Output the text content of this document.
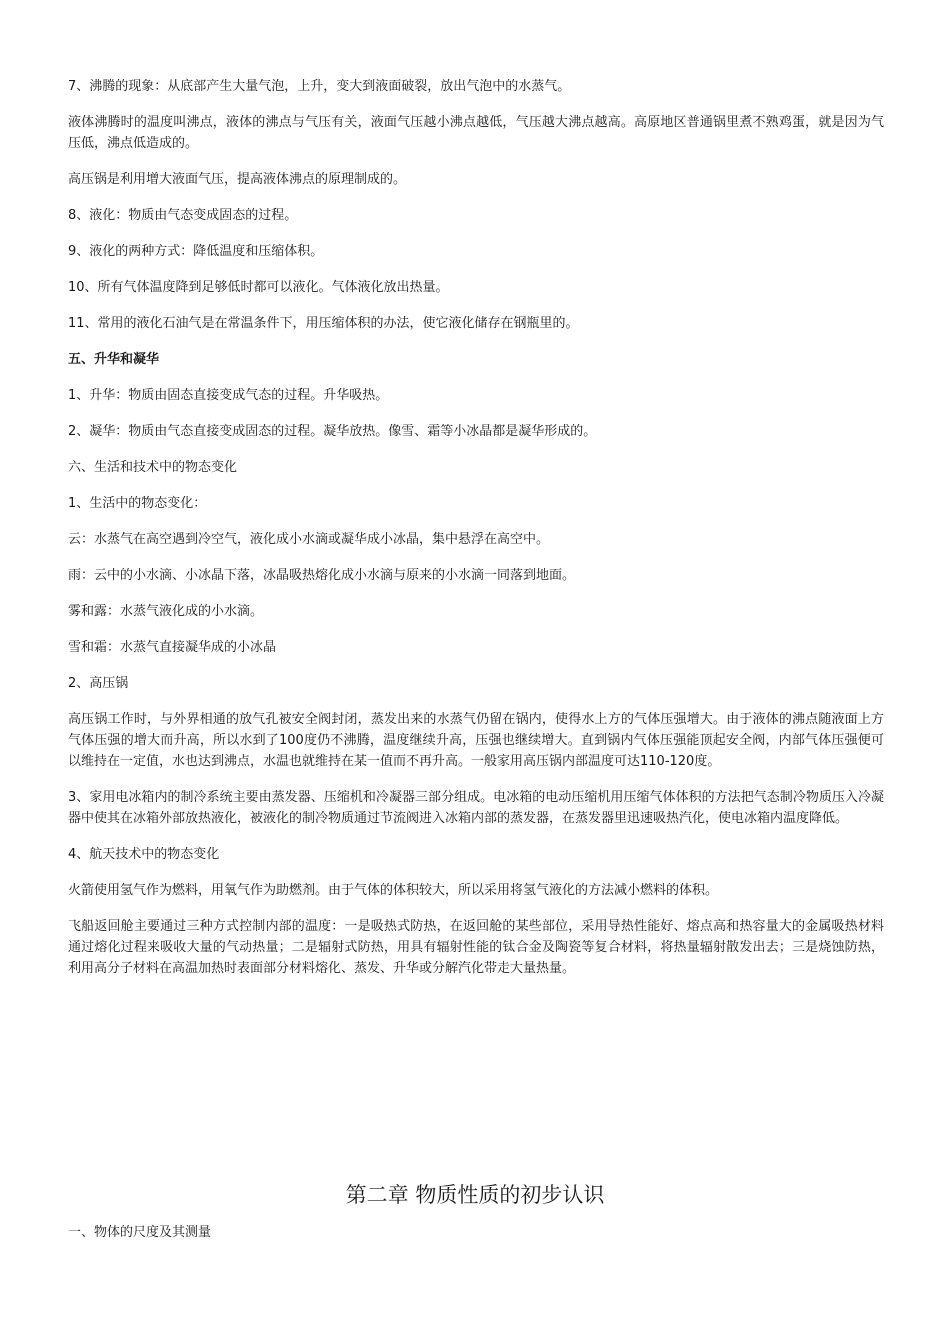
7、沸腾的现象：从底部产生大量气泡，上升，变大到液面破裂，放出气泡中的水蒸气。

液体沸腾时的温度叫沸点，液体的沸点与气压有关，液面气压越小沸点越低，气压越大沸点越高。高原地区普通锅里煮不熟鸡蛋，就是因为气压低，沸点低造成的。

高压锅是利用增大液面气压，提高液体沸点的原理制成的。

8、液化：物质由气态变成固态的过程。

9、液化的两种方式：降低温度和压缩体积。

10、所有气体温度降到足够低时都可以液化。气体液化放出热量。

11、常用的液化石油气是在常温条件下，用压缩体积的办法，使它液化储存在钢瓶里的。

五、升华和凝华

1、升华：物质由固态直接变成气态的过程。升华吸热。

2、凝华：物质由气态直接变成固态的过程。凝华放热。像雪、霜等小冰晶都是凝华形成的。

六、生活和技术中的物态变化

1、生活中的物态变化：

云：水蒸气在高空遇到冷空气，液化成小水滴或凝华成小冰晶，集中悬浮在高空中。

雨：云中的小水滴、小冰晶下落，冰晶吸热熔化成小水滴与原来的小水滴一同落到地面。

雾和露：水蒸气液化成的小水滴。

雪和霜：水蒸气直接凝华成的小冰晶

2、高压锅

高压锅工作时，与外界相通的放气孔被安全阀封闭，蒸发出来的水蒸气仍留在锅内，使得水上方的气体压强增大。由于液体的沸点随液面上方气体压强的增大而升高，所以水到了100度仍不沸腾，温度继续升高，压强也继续增大。直到锅内气体压强能顶起安全阀，内部气体压强便可以维持在一定值，水也达到沸点，水温也就维持在某一值而不再升高。一般家用高压锅内部温度可达110-120度。

3、家用电冰箱内的制冷系统主要由蒸发器、压缩机和冷凝器三部分组成。电冰箱的电动压缩机用压缩气体体积的方法把气态制冷物质压入冷凝器中使其在冰箱外部放热液化，被液化的制冷物质通过节流阀进入冰箱内部的蒸发器，在蒸发器里迅速吸热汽化，使电冰箱内温度降低。

4、航天技术中的物态变化

火箭使用氢气作为燃料，用氧气作为助燃剂。由于气体的体积较大，所以采用将氢气液化的方法减小燃料的体积。

飞船返回舱主要通过三种方式控制内部的温度：一是吸热式防热，在返回舱的某些部位，采用导热性能好、熔点高和热容量大的金属吸热材料通过熔化过程来吸收大量的气动热量；二是辐射式防热，用具有辐射性能的钛合金及陶瓷等复合材料，将热量辐射散发出去；三是烧蚀防热，利用高分子材料在高温加热时表面部分材料熔化、蒸发、升华或分解汽化带走大量热量。

第二章 物质性质的初步认识

一、物体的尺度及其测量
